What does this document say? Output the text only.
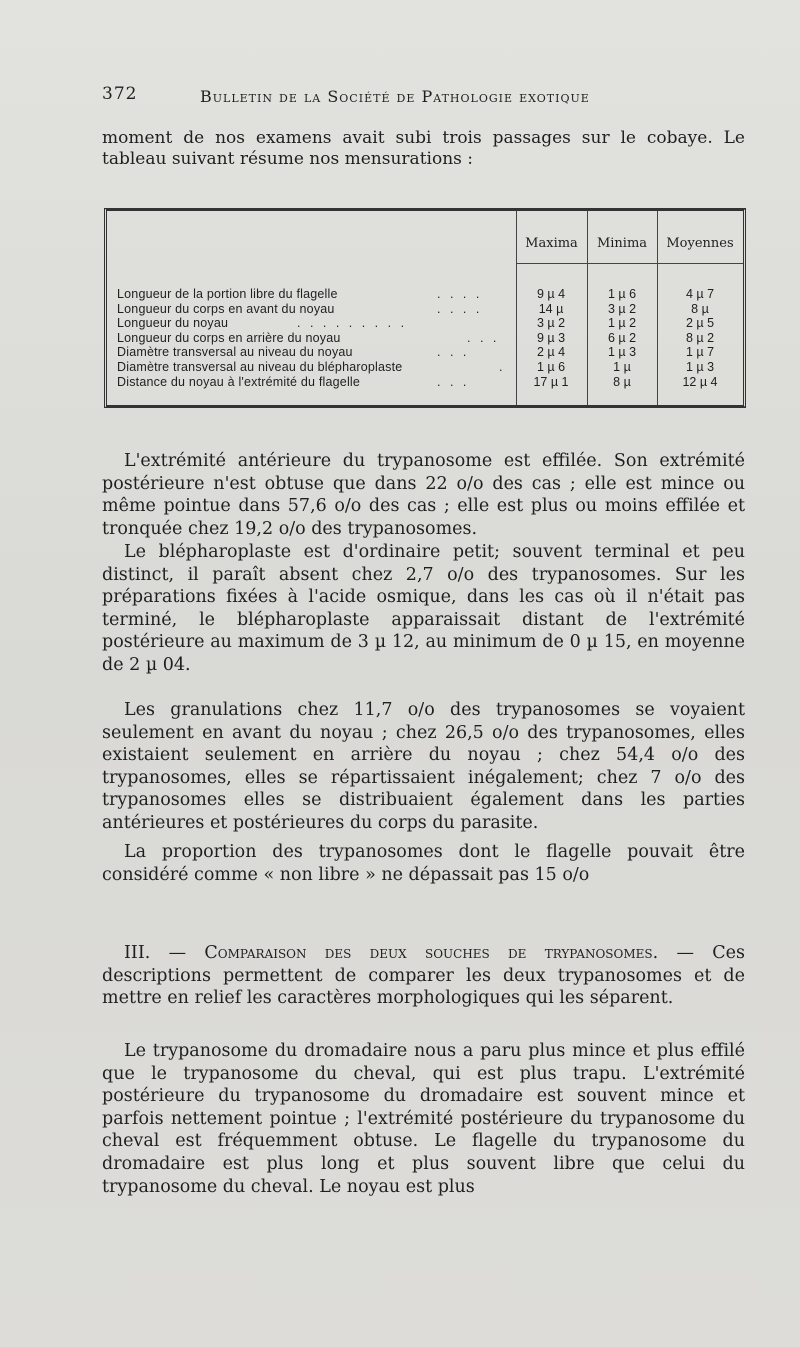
372	Bulletin de la Société de Pathologie exotique

moment de nos examens avait subi trois passages sur le cobaye. Le tableau suivant résume nos mensurations :

Maxima	Minima	Moyennes
Longueur de la portion libre du flagelle	. . . .	9 µ 4	1 µ 6	4 µ 7
Longueur du corps en avant du noyau	. . . .	14 µ	3 µ 2	8 µ
Longueur du noyau	. . . . . . . . .	3 µ 2	1 µ 2	2 µ 5
Longueur du corps en arrière du noyau	. . .	9 µ 3	6 µ 2	8 µ 2
Diamètre transversal au niveau du noyau	. . .	2 µ 4	1 µ 3	1 µ 7
Diamètre transversal au niveau du blépharoplaste	.	1 µ 6	1 µ	1 µ 3
Distance du noyau à l'extrémité du flagelle	. . .	17 µ 1	8 µ	12 µ 4

L'extrémité antérieure du trypanosome est effilée. Son extrémité postérieure n'est obtuse que dans 22 o/o des cas ; elle est mince ou même pointue dans 57,6 o/o des cas ; elle est plus ou moins effilée et tronquée chez 19,2 o/o des trypanosomes.

Le blépharoplaste est d'ordinaire petit; souvent terminal et peu distinct, il paraît absent chez 2,7 o/o des trypanosomes. Sur les préparations fixées à l'acide osmique, dans les cas où il n'était pas terminé, le blépharoplaste apparaissait distant de l'extrémité postérieure au maximum de 3 µ 12, au minimum de 0 µ 15, en moyenne de 2 µ 04.

Les granulations chez 11,7 o/o des trypanosomes se voyaient seulement en avant du noyau ; chez 26,5 o/o des trypanosomes, elles existaient seulement en arrière du noyau ; chez 54,4 o/o des trypanosomes, elles se répartissaient inégalement; chez 7 o/o des trypanosomes elles se distribuaient également dans les parties antérieures et postérieures du corps du parasite.

La proportion des trypanosomes dont le flagelle pouvait être considéré comme « non libre » ne dépassait pas 15 o/o

III. — Comparaison des deux souches de trypanosomes. — Ces descriptions permettent de comparer les deux trypanosomes et de mettre en relief les caractères morphologiques qui les séparent.

Le trypanosome du dromadaire nous a paru plus mince et plus effilé que le trypanosome du cheval, qui est plus trapu. L'extrémité postérieure du trypanosome du dromadaire est souvent mince et parfois nettement pointue ; l'extrémité postérieure du trypanosome du cheval est fréquemment obtuse. Le flagelle du trypanosome du dromadaire est plus long et plus souvent libre que celui du trypanosome du cheval. Le noyau est plus
